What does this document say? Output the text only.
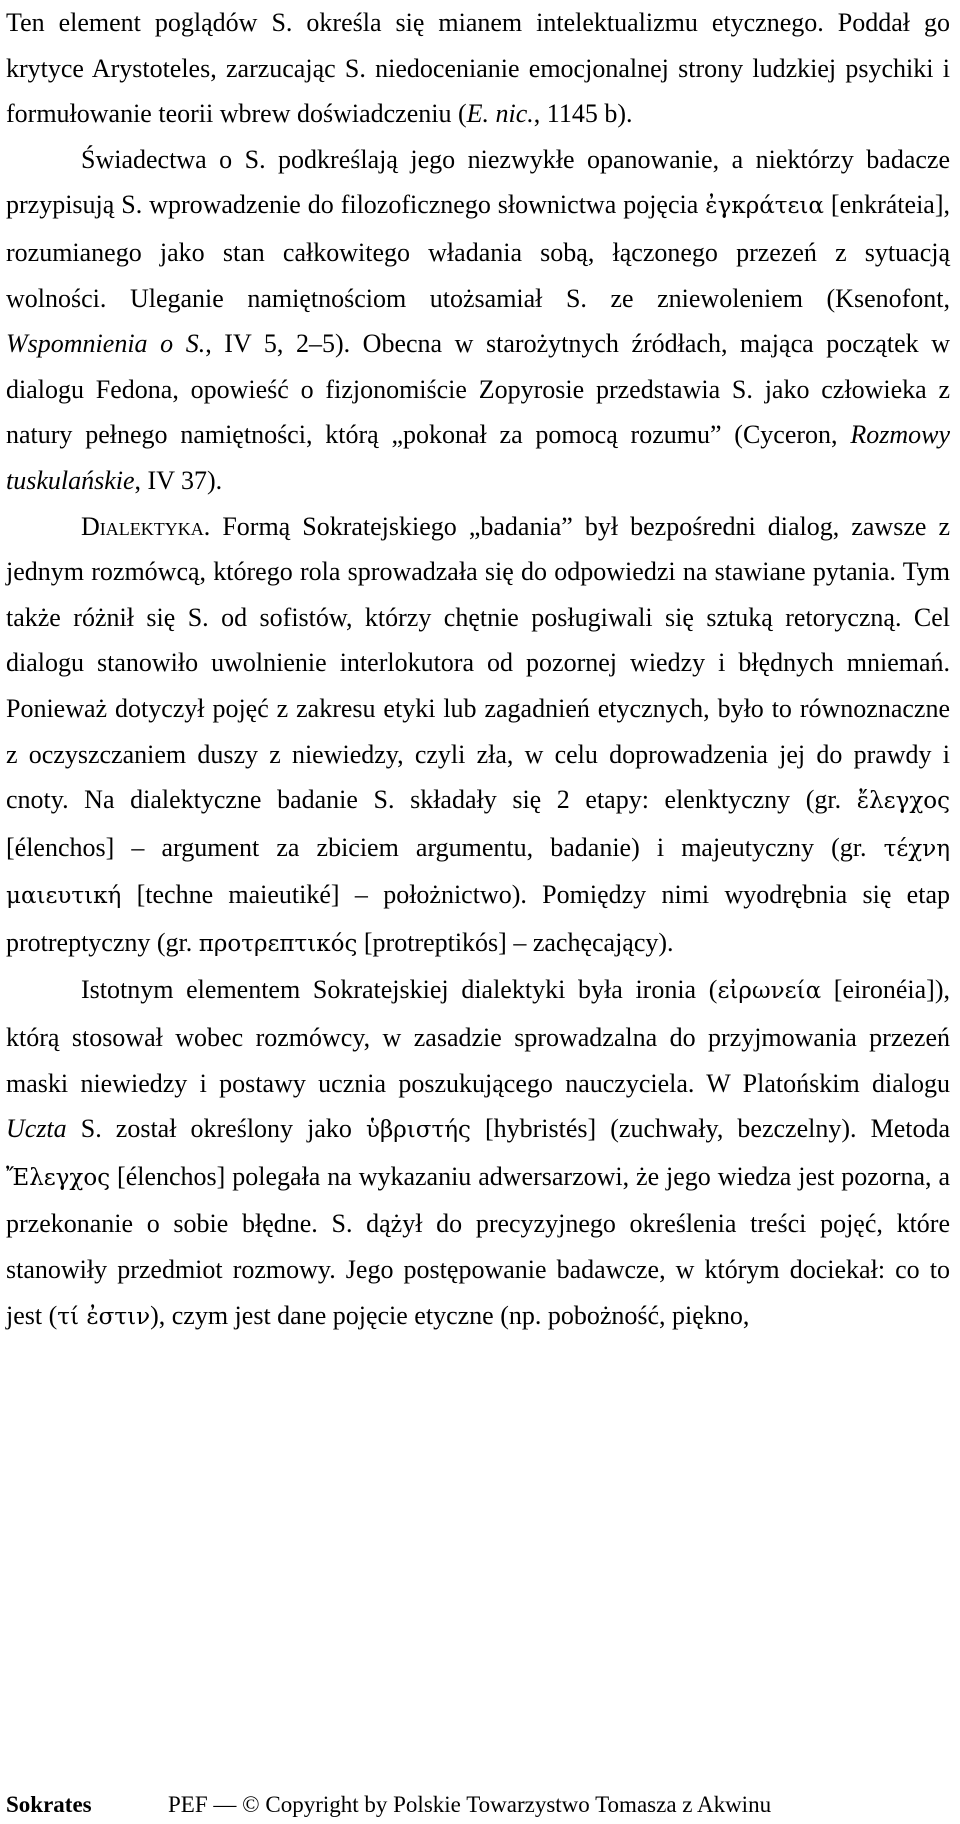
Ten element poglądów S. określa się mianem intelektualizmu etycznego. Poddał go krytyce Arystoteles, zarzucając S. niedocenianie emocjonalnej strony ludzkiej psychiki i formułowanie teorii wbrew doświadczeniu (E. nic., 1145 b).

Świadectwa o S. podkreślają jego niezwykłe opanowanie, a niektórzy badacze przypisują S. wprowadzenie do filozoficznego słownictwa pojęcia ἐγκράτεια [enkráteia], rozumianego jako stan całkowitego władania sobą, łączonego przezeń z sytuacją wolności. Uleganie namiętnościom utożsamiał S. ze zniewoleniem (Ksenofont, Wspomnienia o S., IV 5, 2–5). Obecna w starożytnych źródłach, mająca początek w dialogu Fedona, opowieść o fizjonomiście Zopyrosie przedstawia S. jako człowieka z natury pełnego namiętności, którą „pokonał za pomocą rozumu” (Cyceron, Rozmowy tuskulańskie, IV 37).

Dialektyka. Formą Sokratejskiego „badania” był bezpośredni dialog, zawsze z jednym rozmówcą, którego rola sprowadzała się do odpowiedzi na stawiane pytania. Tym także różnił się S. od sofistów, którzy chętnie posługiwali się sztuką retoryczną. Cel dialogu stanowiło uwolnienie interlokutora od pozornej wiedzy i błędnych mniemań. Ponieważ dotyczył pojęć z zakresu etyki lub zagadnień etycznych, było to równoznaczne z oczyszczaniem duszy z niewiedzy, czyli zła, w celu doprowadzenia jej do prawdy i cnoty. Na dialektyczne badanie S. składały się 2 etapy: elenktyczny (gr. ἔλεγχος [élenchos] – argument za zbiciem argumentu, badanie) i majeutyczny (gr. τέχνη μαιευτική [techne maieutiké] – położnictwo). Pomiędzy nimi wyodrębnia się etap protreptyczny (gr. προτρεπτικός [protreptikós] – zachęcający).

Istotnym elementem Sokratejskiej dialektyki była ironia (εἰρωνεία [eironéia]), którą stosował wobec rozmówcy, w zasadzie sprowadzalna do przyjmowania przezeń maski niewiedzy i postawy ucznia poszukującego nauczyciela. W Platońskim dialogu Uczta S. został określony jako ὑβριστής [hybristés] (zuchwały, bezczelny). Metoda Ἔλεγχος [élenchos] polegała na wykazaniu adwersarzowi, że jego wiedza jest pozorna, a przekonanie o sobie błędne. S. dążył do precyzyjnego określenia treści pojęć, które stanowiły przedmiot rozmowy. Jego postępowanie badawcze, w którym dociekał: co to jest (τί ἐστιν), czym jest dane pojęcie etyczne (np. pobożność, piękno,

Sokrates	PEF — © Copyright by Polskie Towarzystwo Tomasza z Akwinu
